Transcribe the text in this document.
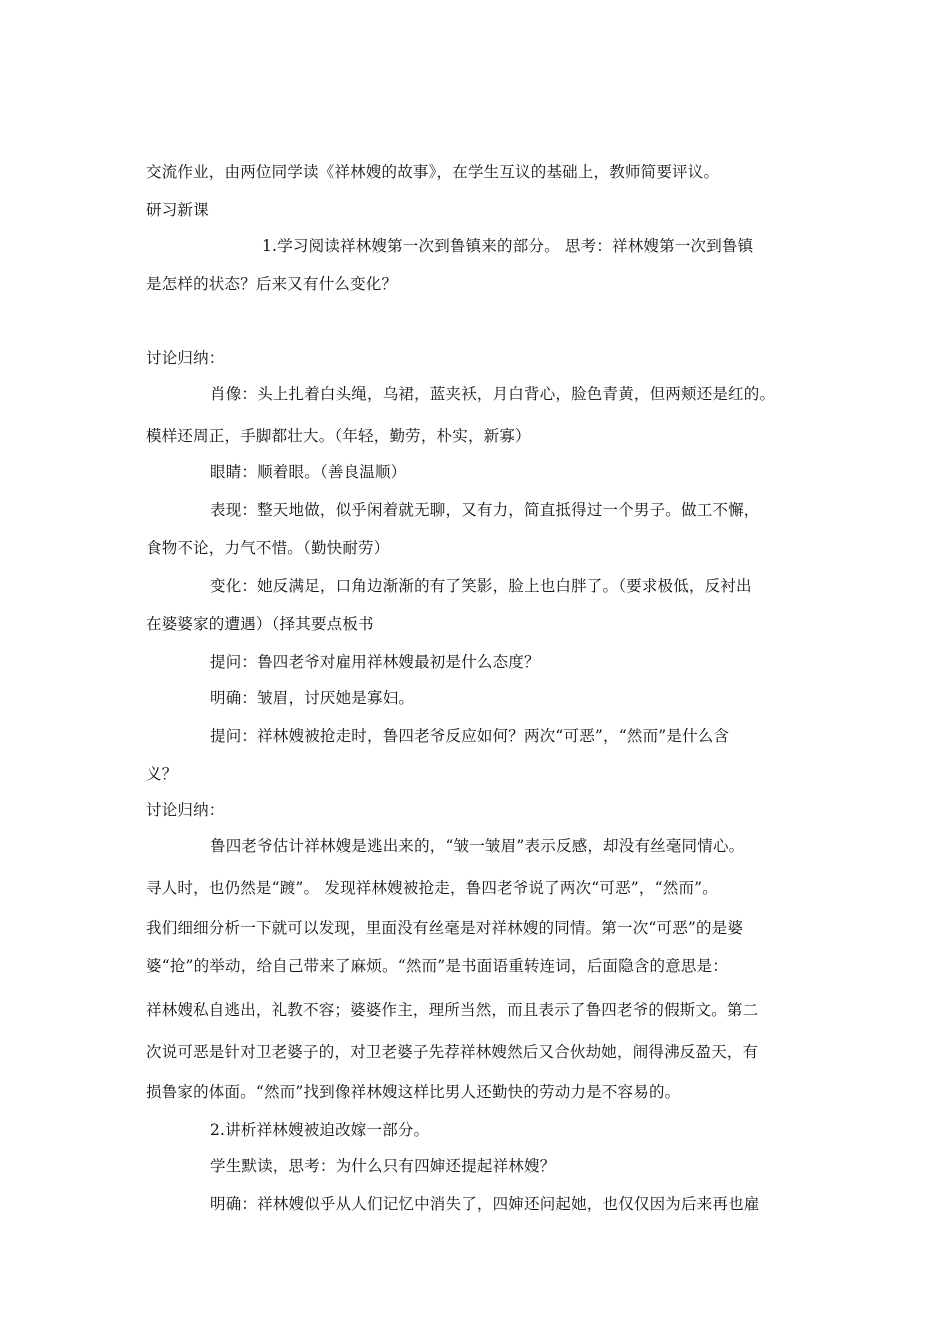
交流作业，由两位同学读《祥林嫂的故事》，在学生互议的基础上，教师简要评议。
研习新课
1.学习阅读祥林嫂第一次到鲁镇来的部分。 思考：祥林嫂第一次到鲁镇
是怎样的状态？后来又有什么变化？
讨论归纳：
肖像：头上扎着白头绳，乌裙，蓝夹袄，月白背心，脸色青黄，但两颊还是红的。
模样还周正，手脚都壮大。（年轻，勤劳，朴实，新寡）
眼睛：顺着眼。（善良温顺）
表现：整天地做，似乎闲着就无聊，又有力，简直抵得过一个男子。做工不懈，
食物不论，力气不惜。（勤快耐劳）
变化：她反满足，口角边渐渐的有了笑影，脸上也白胖了。（要求极低，反衬出
在婆婆家的遭遇）（择其要点板书
提问：鲁四老爷对雇用祥林嫂最初是什么态度？
明确：皱眉，讨厌她是寡妇。
提问：祥林嫂被抢走时，鲁四老爷反应如何？两次“可恶”，“然而”是什么含
义？
讨论归纳：
鲁四老爷估计祥林嫂是逃出来的，“皱一皱眉”表示反感，却没有丝毫同情心。
寻人时，也仍然是“踱”。 发现祥林嫂被抢走，鲁四老爷说了两次“可恶”，“然而”。
我们细细分析一下就可以发现，里面没有丝毫是对祥林嫂的同情。第一次“可恶”的是婆
婆“抢”的举动，给自己带来了麻烦。“然而”是书面语重转连词，后面隐含的意思是：
祥林嫂私自逃出，礼教不容；婆婆作主，理所当然，而且表示了鲁四老爷的假斯文。第二
次说可恶是针对卫老婆子的，对卫老婆子先荐祥林嫂然后又合伙劫她，闹得沸反盈天，有
损鲁家的体面。“然而”找到像祥林嫂这样比男人还勤快的劳动力是不容易的。
2.讲析祥林嫂被迫改嫁一部分。
学生默读，思考：为什么只有四婶还提起祥林嫂？
明确：祥林嫂似乎从人们记忆中消失了，四婶还问起她，也仅仅因为后来再也雇
